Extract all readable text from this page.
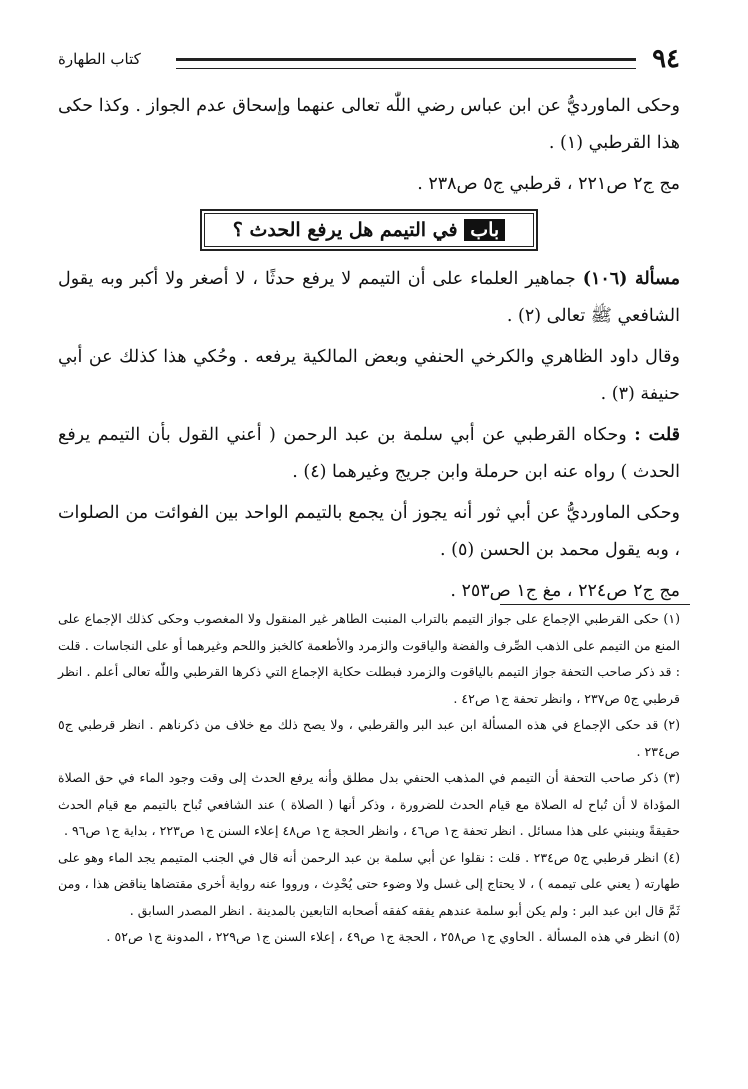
٩٤
كتاب الطهارة

وحكى الماورديُّ عن ابن عباس رضي اللّٰه تعالى عنهما وإسحاق عدم الجواز . وكذا حكى هذا القرطبي (١) .

مج ج٢ ص٢٢١ ، قرطبي ج٥ ص٢٣٨ .

باب في التيمم هل يرفع الحدث ؟

مسألة (١٠٦) جماهير العلماء على أن التيمم لا يرفع حدثًا ، لا أصغر ولا أكبر وبه يقول الشافعي ﷺ تعالى (٢) .

وقال داود الظاهري والكرخي الحنفي وبعض المالكية يرفعه . وحُكي هذا كذلك عن أبي حنيفة (٣) .

قلت : وحكاه القرطبي عن أبي سلمة بن عبد الرحمن ( أعني القول بأن التيمم يرفع الحدث ) رواه عنه ابن حرملة وابن جريج وغيرهما (٤) .

وحكى الماورديُّ عن أبي ثور أنه يجوز أن يجمع بالتيمم الواحد بين الفوائت من الصلوات ، وبه يقول محمد بن الحسن (٥) .

مج ج٢ ص٢٢٤ ، مغ ج١ ص٢٥٣ .

(١) حكى القرطبي الإجماع على جواز التيمم بالتراب المنبت الطاهر غير المنقول ولا المغصوب وحكى كذلك الإجماع على المنع من التيمم على الذهب الصِّرف والفضة والياقوت والزمرد والأطعمة كالخبز واللحم وغيرهما أو على النجاسات . قلت : قد ذكر صاحب التحفة جواز التيمم بالياقوت والزمرد فبطلت حكاية الإجماع التي ذكرها القرطبي واللّٰه تعالى أعلم . انظر قرطبي ج٥ ص٢٣٧ ، وانظر تحفة ج١ ص٤٢ .

(٢) قد حكى الإجماع في هذه المسألة ابن عبد البر والقرطبي ، ولا يصح ذلك مع خلاف من ذكرناهم . انظر قرطبي ج٥ ص٢٣٤ .

(٣) ذكر صاحب التحفة أن التيمم في المذهب الحنفي بدل مطلق وأنه يرفع الحدث إلى وقت وجود الماء في حق الصلاة المؤداة لا أن تُباح له الصلاة مع قيام الحدث للضرورة ، وذكر أنها ( الصلاة ) عند الشافعي تُباح بالتيمم مع قيام الحدث حقيقةً وينبني على هذا مسائل . انظر تحفة ج١ ص٤٦ ، وانظر الحجة ج١ ص٤٨ إعلاء السنن ج١ ص٢٢٣ ، بداية ج١ ص٩٦ .

(٤) انظر قرطبي ج٥ ص٢٣٤ . قلت : نقلوا عن أبي سلمة بن عبد الرحمن أنه قال في الجنب المتيمم يجد الماء وهو على طهارته ( يعني على تيممه ) ، لا يحتاج إلى غسل ولا وضوء حتى يُحْدِث ، ورووا عنه رواية أخرى مقتضاها يناقض هذا ، ومن ثَمَّ قال ابن عبد البر : ولم يكن أبو سلمة عندهم يفقه كفقه أصحابه التابعين بالمدينة . انظر المصدر السابق .

(٥) انظر في هذه المسألة . الحاوي ج١ ص٢٥٨ ، الحجة ج١ ص٤٩ ، إعلاء السنن ج١ ص٢٢٩ ، المدونة ج١ ص٥٢ .
